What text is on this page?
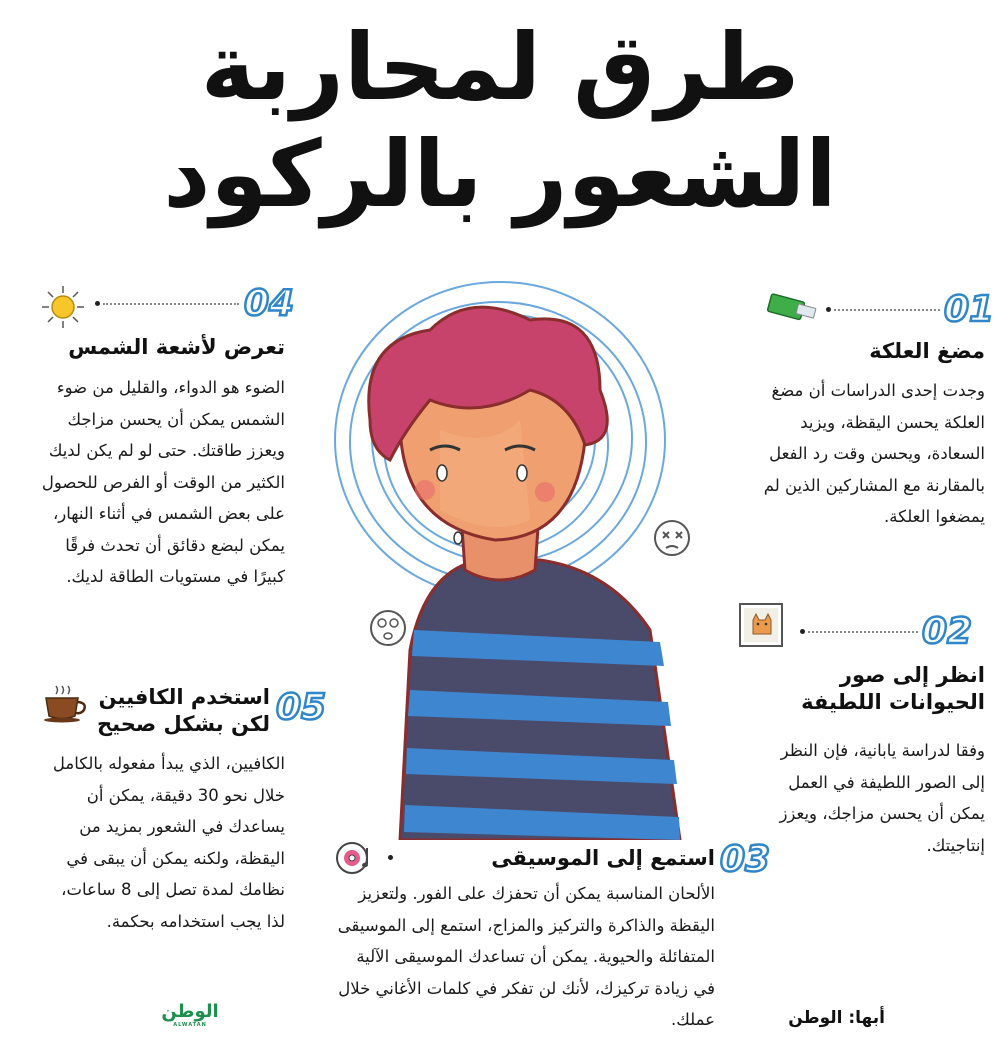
طرق لمحاربة
الشعور بالركود
01
مضغ العلكة
وجدت إحدى الدراسات أن مضغ العلكة يحسن اليقظة، ويزيد السعادة، ويحسن وقت رد الفعل بالمقارنة مع المشاركين الذين لم يمضغوا العلكة.
02
انظر إلى صور الحيوانات اللطيفة
وفقا لدراسة يابانية، فإن النظر إلى الصور اللطيفة في العمل يمكن أن يحسن مزاجك، ويعزز إنتاجيتك.
استمع إلى الموسيقى 03
الألحان المناسبة يمكن أن تحفزك على الفور. ولتعزيز اليقظة والذاكرة والتركيز والمزاج، استمع إلى الموسيقى المتفائلة والحيوية. يمكن أن تساعدك الموسيقى الآلية في زيادة تركيزك، لأنك لن تفكر في كلمات الأغاني خلال عملك.
04
تعرض لأشعة الشمس
الضوء هو الدواء، والقليل من ضوء الشمس يمكن أن يحسن مزاجك ويعزز طاقتك. حتى لو لم يكن لديك الكثير من الوقت أو الفرص للحصول على بعض الشمس في أثناء النهار، يمكن لبضع دقائق أن تحدث فرقًا كبيرًا في مستويات الطاقة لديك.
استخدم الكافيين لكن بشكل صحيح 05
الكافيين، الذي يبدأ مفعوله بالكامل خلال نحو 30 دقيقة، يمكن أن يساعدك في الشعور بمزيد من اليقظة، ولكنه يمكن أن يبقى في نظامك لمدة تصل إلى 8 ساعات، لذا يجب استخدامه بحكمة.
الوطن
ALWATAN	أبها: الوطن
